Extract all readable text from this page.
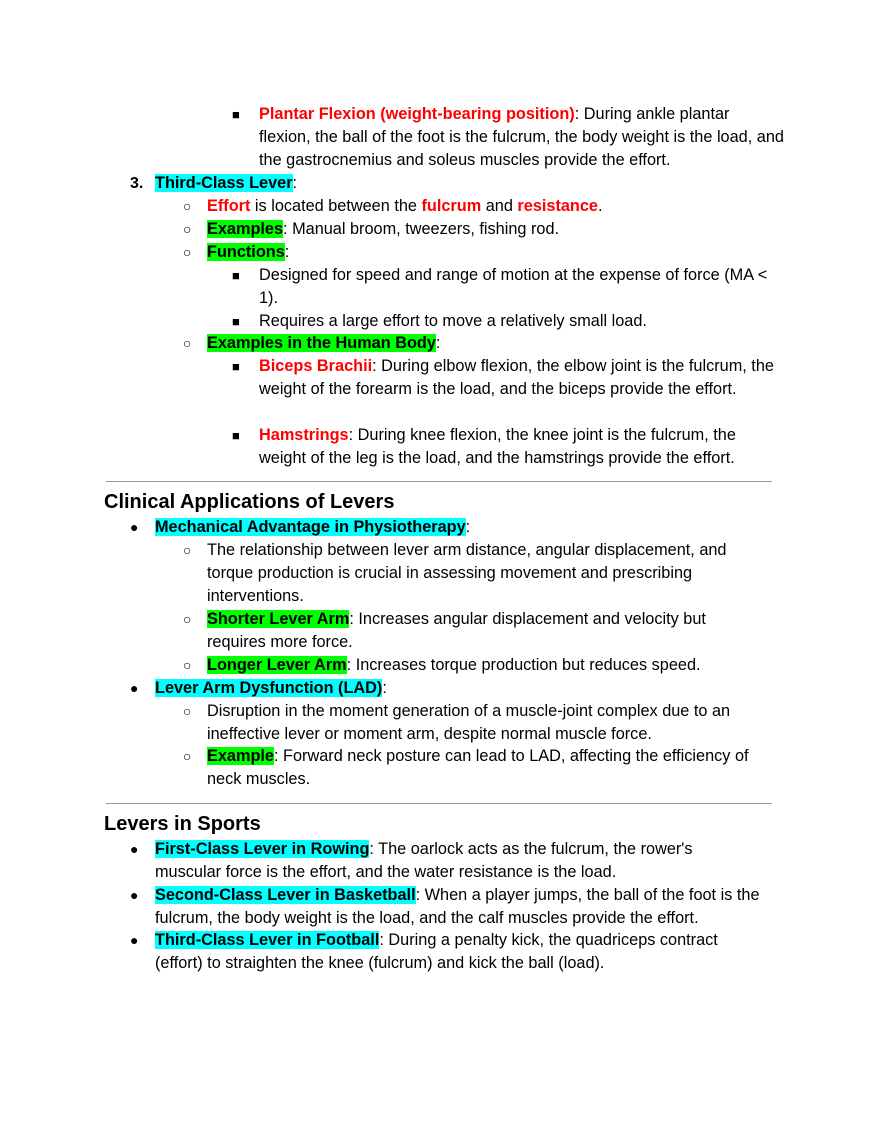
■ Plantar Flexion (weight-bearing position): During ankle plantar flexion, the ball of the foot is the fulcrum, the body weight is the load, and the gastrocnemius and soleus muscles provide the effort.
3. Third-Class Lever:
○ Effort is located between the fulcrum and resistance.
○ Examples: Manual broom, tweezers, fishing rod.
○ Functions:
■ Designed for speed and range of motion at the expense of force (MA < 1).
■ Requires a large effort to move a relatively small load.
○ Examples in the Human Body:
■ Biceps Brachii: During elbow flexion, the elbow joint is the fulcrum, the weight of the forearm is the load, and the biceps provide the effort.
■ Hamstrings: During knee flexion, the knee joint is the fulcrum, the weight of the leg is the load, and the hamstrings provide the effort.
Clinical Applications of Levers
● Mechanical Advantage in Physiotherapy:
○ The relationship between lever arm distance, angular displacement, and torque production is crucial in assessing movement and prescribing interventions.
○ Shorter Lever Arm: Increases angular displacement and velocity but requires more force.
○ Longer Lever Arm: Increases torque production but reduces speed.
● Lever Arm Dysfunction (LAD):
○ Disruption in the moment generation of a muscle-joint complex due to an ineffective lever or moment arm, despite normal muscle force.
○ Example: Forward neck posture can lead to LAD, affecting the efficiency of neck muscles.
Levers in Sports
● First-Class Lever in Rowing: The oarlock acts as the fulcrum, the rower's muscular force is the effort, and the water resistance is the load.
● Second-Class Lever in Basketball: When a player jumps, the ball of the foot is the fulcrum, the body weight is the load, and the calf muscles provide the effort.
● Third-Class Lever in Football: During a penalty kick, the quadriceps contract (effort) to straighten the knee (fulcrum) and kick the ball (load).
